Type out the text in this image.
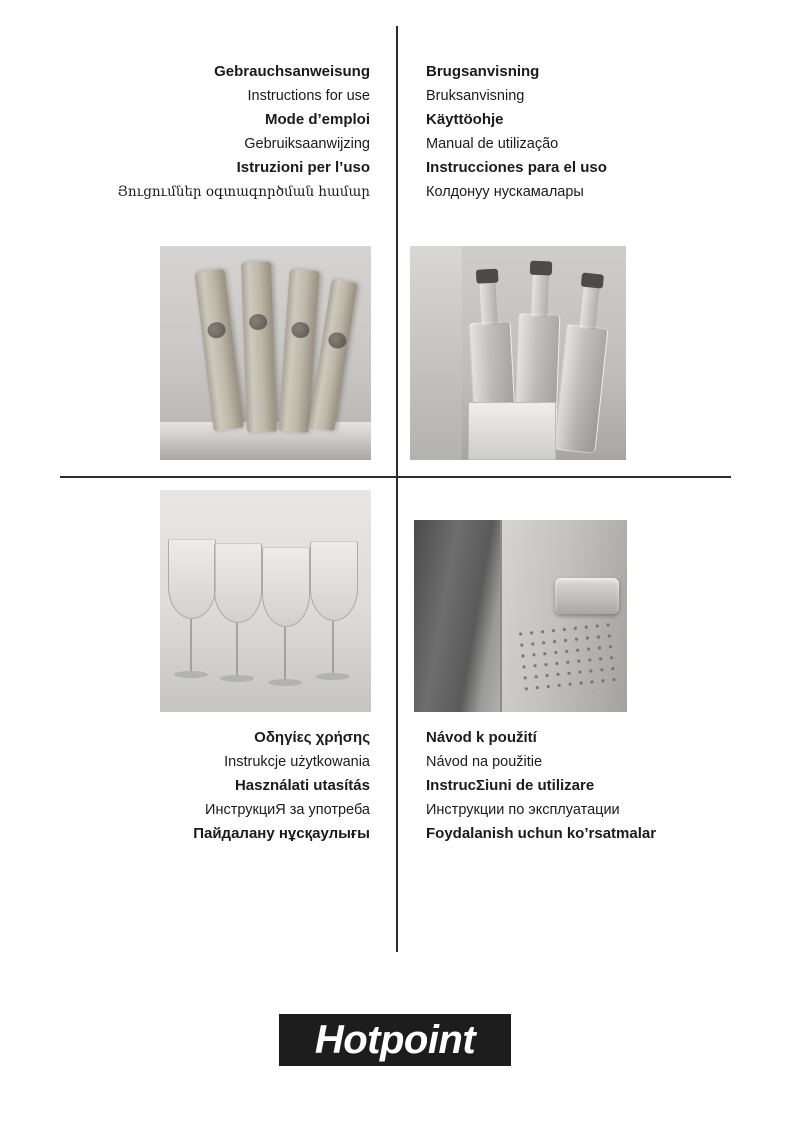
Gebrauchsanweisung
Instructions for use
Mode d’emploi
Gebruiksaanwijzing
Istruzioni per l’uso
Յուցումներ օգտագործման համար
Brugsanvisning
Bruksanvisning
Käyttöohje
Manual de utilização
Instrucciones para el uso
Колдонуу нускамалары
Οδηγίες χρήσης
Instrukcje użytkowania
Használati utasítás
ИнструкциЯ за употреба
Пайдалану нұсқаулығы
Návod k použití
Návod na použitie
InstrucΣiuni de utilizare
Инструкции по эксплуатации
Foydalanish uchun ko’rsatmalar
Hotpoint
